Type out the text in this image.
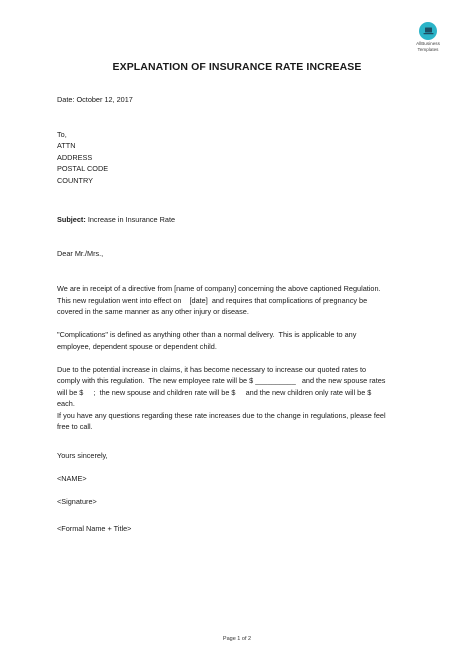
AllBusiness
Templates
EXPLANATION OF INSURANCE RATE INCREASE
Date: October 12, 2017
To,
ATTN
ADDRESS
POSTAL CODE
COUNTRY
Subject: Increase in Insurance Rate
Dear Mr./Mrs.,
We are in receipt of a directive from [name of company] concerning the above captioned Regulation.
This new regulation went into effect on    [date]  and requires that complications of pregnancy be
covered in the same manner as any other injury or disease.
"Complications" is defined as anything other than a normal delivery.  This is applicable to any
employee, dependent spouse or dependent child.
Due to the potential increase in claims, it has become necessary to increase our quoted rates to
comply with this regulation.  The new employee rate will be $ __________   and the new spouse rates
will be $     ;  the new spouse and children rate will be $     and the new children only rate will be $
each.
If you have any questions regarding these rate increases due to the change in regulations, please feel
free to call.
Yours sincerely,
<NAME>
<Signature>
<Formal Name + Title>
Page 1 of 2
